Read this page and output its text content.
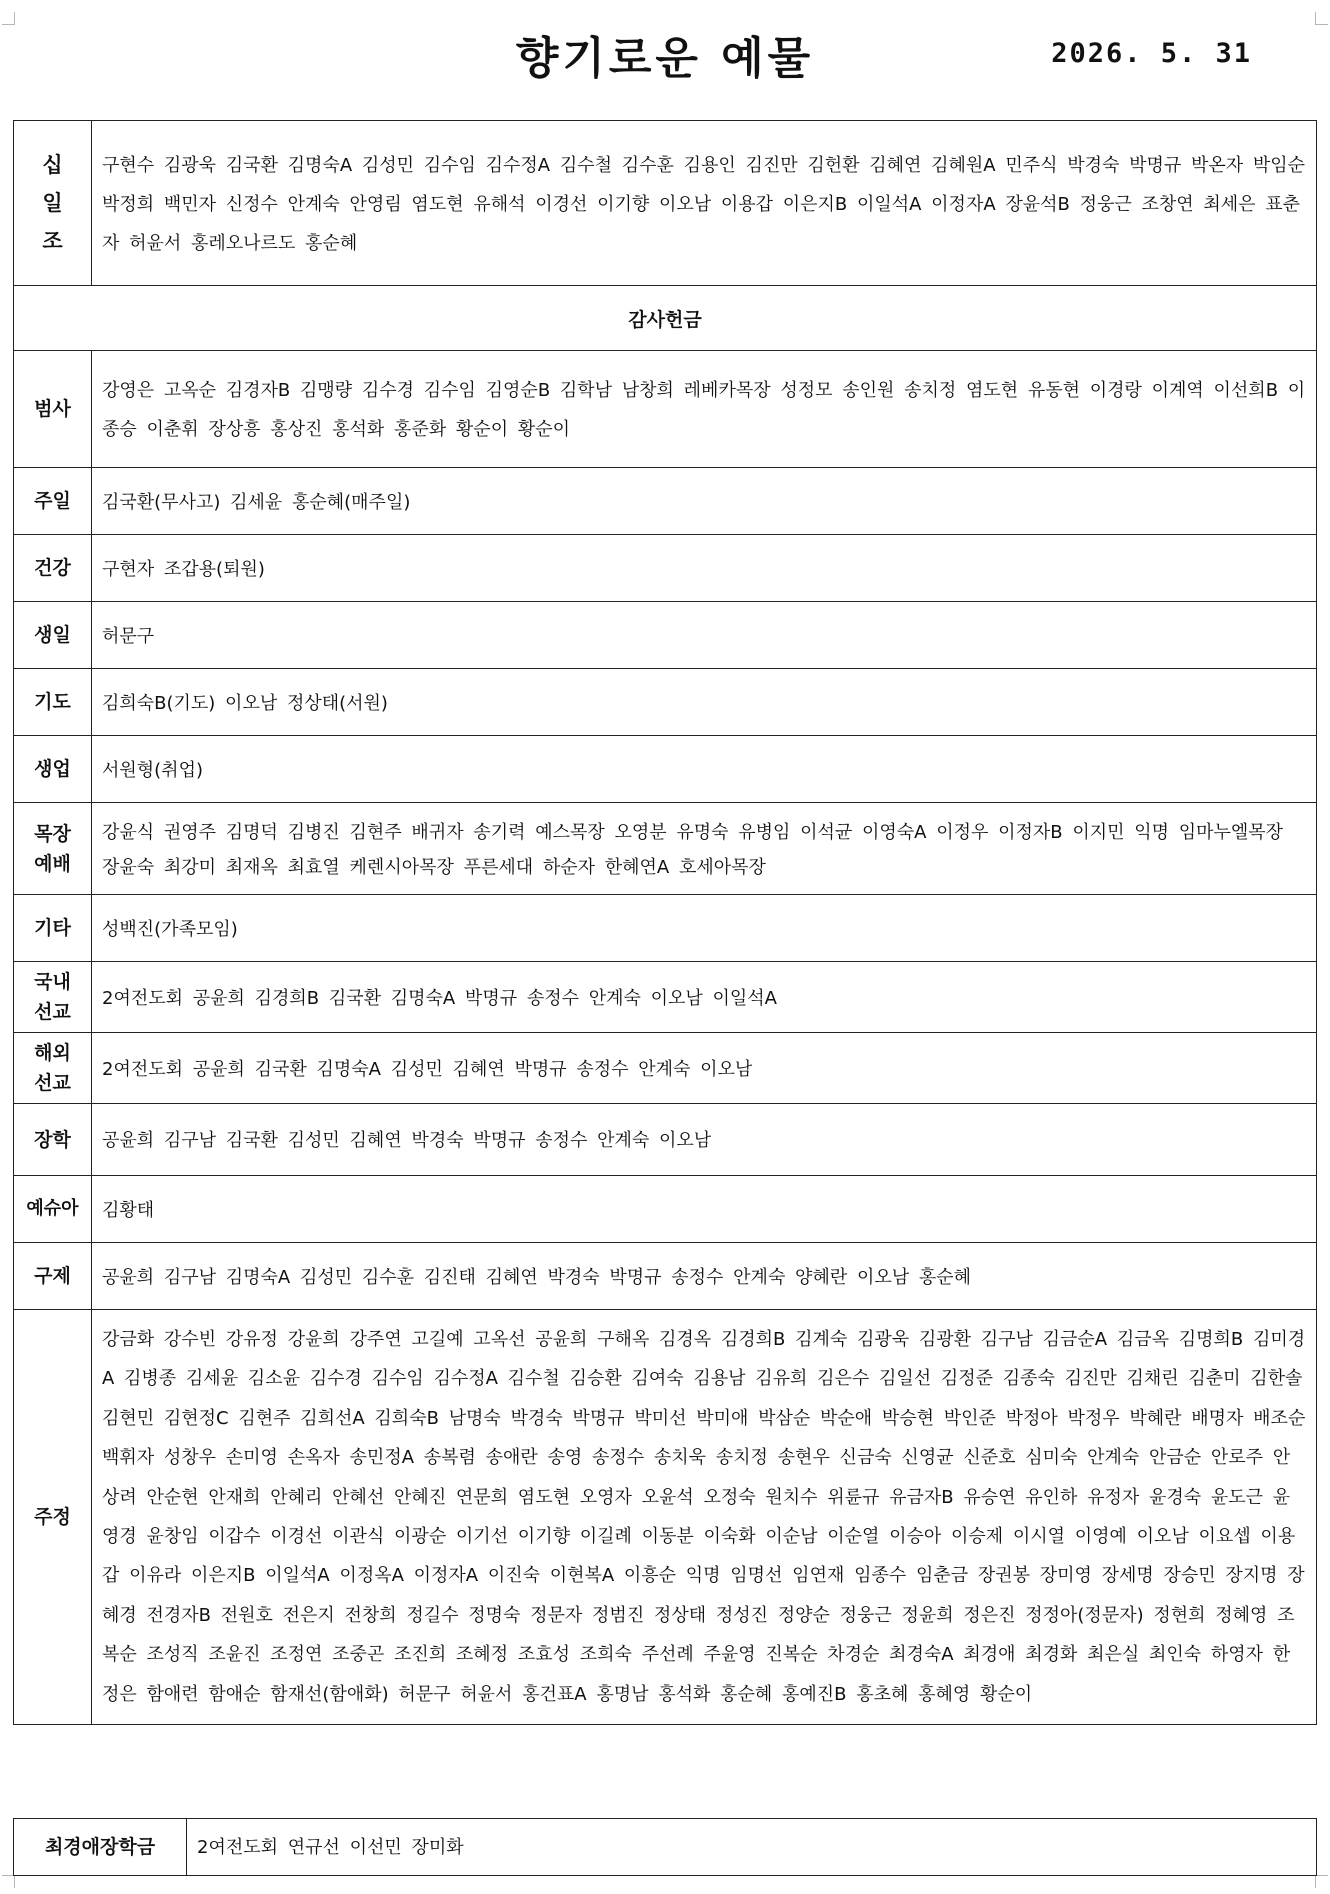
향기로운 예물	2026. 5. 31
십
일
조	구현수 김광욱 김국환 김명숙A 김성민 김수임 김수정A 김수철 김수훈 김용인 김진만 김헌환 김혜연 김혜원A 민주식 박경숙 박명규 박온자 박임순 박정희 백민자 신정수 안계숙 안영림 염도현 유해석 이경선 이기향 이오남 이용갑 이은지B 이일석A 이정자A 장윤석B 정웅근 조창연 최세은 표춘자 허윤서 홍레오나르도 홍순혜
감사헌금	
범사	강영은 고옥순 김경자B 김맹량 김수경 김수임 김영순B 김학남 남창희 레베카목장 성정모 송인원 송치정 염도현 유동현 이경랑 이계역 이선희B 이종승 이춘휘 장상흥 홍상진 홍석화 홍준화 황순이 황순이
주일	김국환(무사고) 김세윤 홍순혜(매주일)
건강	구현자 조갑용(퇴원)
생일	허문구
기도	김희숙B(기도) 이오남 정상태(서원)
생업	서원형(취업)

목장
예배	강윤식 권영주 김명덕 김병진 김현주 배귀자 송기력 예스목장 오영분 유명숙 유병임 이석균 이영숙A 이정우 이정자B 이지민 익명 임마누엘목장 장윤숙 최강미 최재옥 최효열 케렌시아목장 푸른세대 하순자 한혜연A 호세아목장
기타	성백진(가족모임)

국내
선교	2여전도회 공윤희 김경희B 김국환 김명숙A 박명규 송정수 안계숙 이오남 이일석A

해외
선교	2여전도회 공윤희 김국환 김명숙A 김성민 김혜연 박명규 송정수 안계숙 이오남
장학	공윤희 김구남 김국환 김성민 김혜연 박경숙 박명규 송정수 안계숙 이오남
예슈아	김황태
구제	공윤희 김구남 김명숙A 김성민 김수훈 김진태 김혜연 박경숙 박명규 송정수 안계숙 양혜란 이오남 홍순혜
주정	강금화 강수빈 강유정 강윤희 강주연 고길예 고옥선 공윤희 구해옥 김경옥 김경희B 김계숙 김광욱 김광환 김구남 김금순A 김금옥 김명희B 김미경A 김병종 김세윤 김소윤 김수경 김수임 김수정A 김수철 김승환 김여숙 김용남 김유희 김은수 김일선 김정준 김종숙 김진만 김채린 김춘미 김한솔 김현민 김현정C 김현주 김희선A 김희숙B 남명숙 박경숙 박명규 박미선 박미애 박삼순 박순애 박승현 박인준 박정아 박정우 박혜란 배명자 배조순 백휘자 성창우 손미영 손옥자 송민정A 송복렴 송애란 송영 송정수 송치욱 송치정 송현우 신금숙 신영균 신준호 심미숙 안계숙 안금순 안로주 안상려 안순현 안재희 안혜리 안혜선 안혜진 연문희 염도현 오영자 오윤석 오정숙 원치수 위륜규 유금자B 유승연 유인하 유정자 윤경숙 윤도근 윤영경 윤창임 이갑수 이경선 이관식 이광순 이기선 이기향 이길례 이동분 이숙화 이순남 이순열 이승아 이승제 이시열 이영예 이오남 이요셉 이용갑 이유라 이은지B 이일석A 이정옥A 이정자A 이진숙 이현복A 이흥순 익명 임명선 임연재 임종수 임춘금 장권봉 장미영 장세명 장승민 장지명 장혜경 전경자B 전원호 전은지 전창희 정길수 정명숙 정문자 정범진 정상태 정성진 정양순 정웅근 정윤희 정은진 정정아(정문자) 정현희 정혜영 조복순 조성직 조윤진 조정연 조중곤 조진희 조혜정 조효성 조희숙 주선례 주윤영 진복순 차경순 최경숙A 최경애 최경화 최은실 최인숙 하영자 한정은 함애련 함애순 함재선(함애화) 허문구 허윤서 홍건표A 홍명남 홍석화 홍순혜 홍예진B 홍초혜 홍혜영 황순이
최경애장학금	2여전도회 연규선 이선민 장미화
